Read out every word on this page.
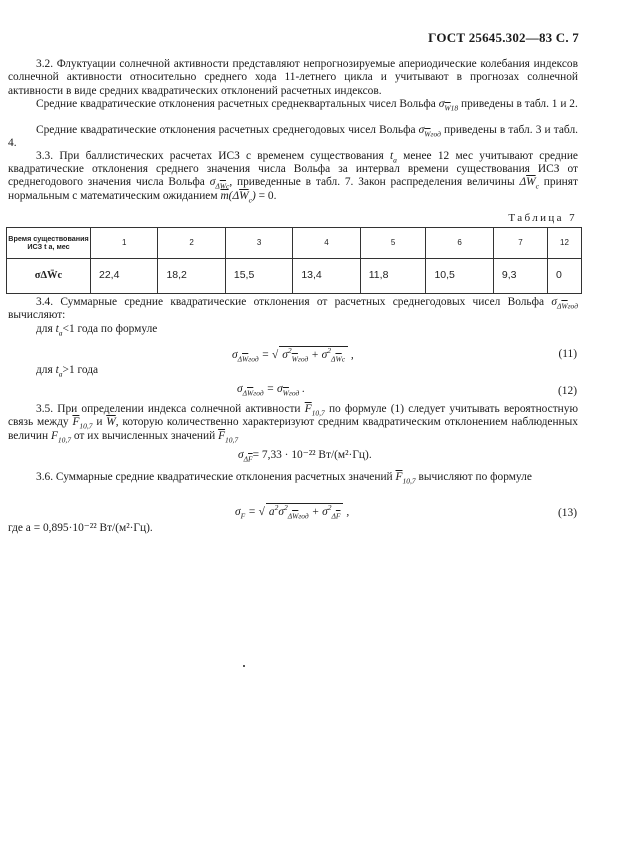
ГОСТ 25645.302—83 С. 7
3.2. Флуктуации солнечной активности представляют непрогнозируемые апериодические колебания индексов солнечной активности относительно среднего хода 11-летнего цикла и учитывают в прогнозах солнечной активности в виде средних квадратических отклонений расчетных индексов.
Средние квадратические отклонения расчетных среднеквартальных чисел Вольфа $\sigma_{\overline{W}18}$ приведены в табл. 1 и 2.
Средние квадратические отклонения расчетных среднегодовых чисел Вольфа $\sigma_{\overline{W}год}$ приведены в табл. 3 и табл. 4.
3.3. При баллистических расчетах ИСЗ с временем существования $t_а$ менее 12 мес учитывают средние квадратические отклонения среднего значения числа Вольфа за интервал времени существования ИСЗ от среднегодового значения числа Вольфа $\sigma_{\Delta\overline{W}c}$, приведенные в табл. 7. Закон распределения величины $\Delta\overline{W}_c$ принят нормальным с математическим ожиданием $\overline{m}(\Delta\overline{W}_c) = 0$.
Таблица 7
Время существования ИСЗ t а, мес	1	2	3	4	5	6	7	12
σΔW̄c	22,4	18,2	15,5	13,4	11,8	10,5	9,3	0
3.4. Суммарные средние квадратические отклонения от расчетных среднегодовых чисел Вольфа $\sigma_{\Delta\overline{W}год}$ вычисляют:
для $t_а<1$ года по формуле
$\sigma_{\Delta\overline{W}год}$ = √ $\sigma^2_{\overline{W}год} + \sigma^2_{\Delta\overline{W}c}$ ,	(11)
для $t_а>1$ года
$\sigma_{\Delta\overline{W}год} = \sigma_{\overline{W}год}$ .	(12)
3.5. При определении индекса солнечной активности $\overline{F}_{10,7}$ по формуле (1) следует учитывать вероятностную связь между $\overline{F}_{10,7}$ и $\overline{W}$, которую количественно характеризуют средним квадратическим отклонением наблюденных величин $F_{10,7}$ от их вычисленных значений $\overline{F}_{10,7}$
$\sigma_{\Delta\overline{F}}= 7,33 \cdot 10^{-22}$ Вт/(м²·Гц).
3.6. Суммарные средние квадратические отклонения расчетных значений $\overline{F}_{10,7}$ вычисляют по формуле
$\sigma_F$ = √ $a^2\sigma^2_{\Delta\overline{W}год} + \sigma^2_{\Delta\overline{F}}$ ,	(13)
где a = 0,895·10⁻²² Вт/(м²·Гц).
